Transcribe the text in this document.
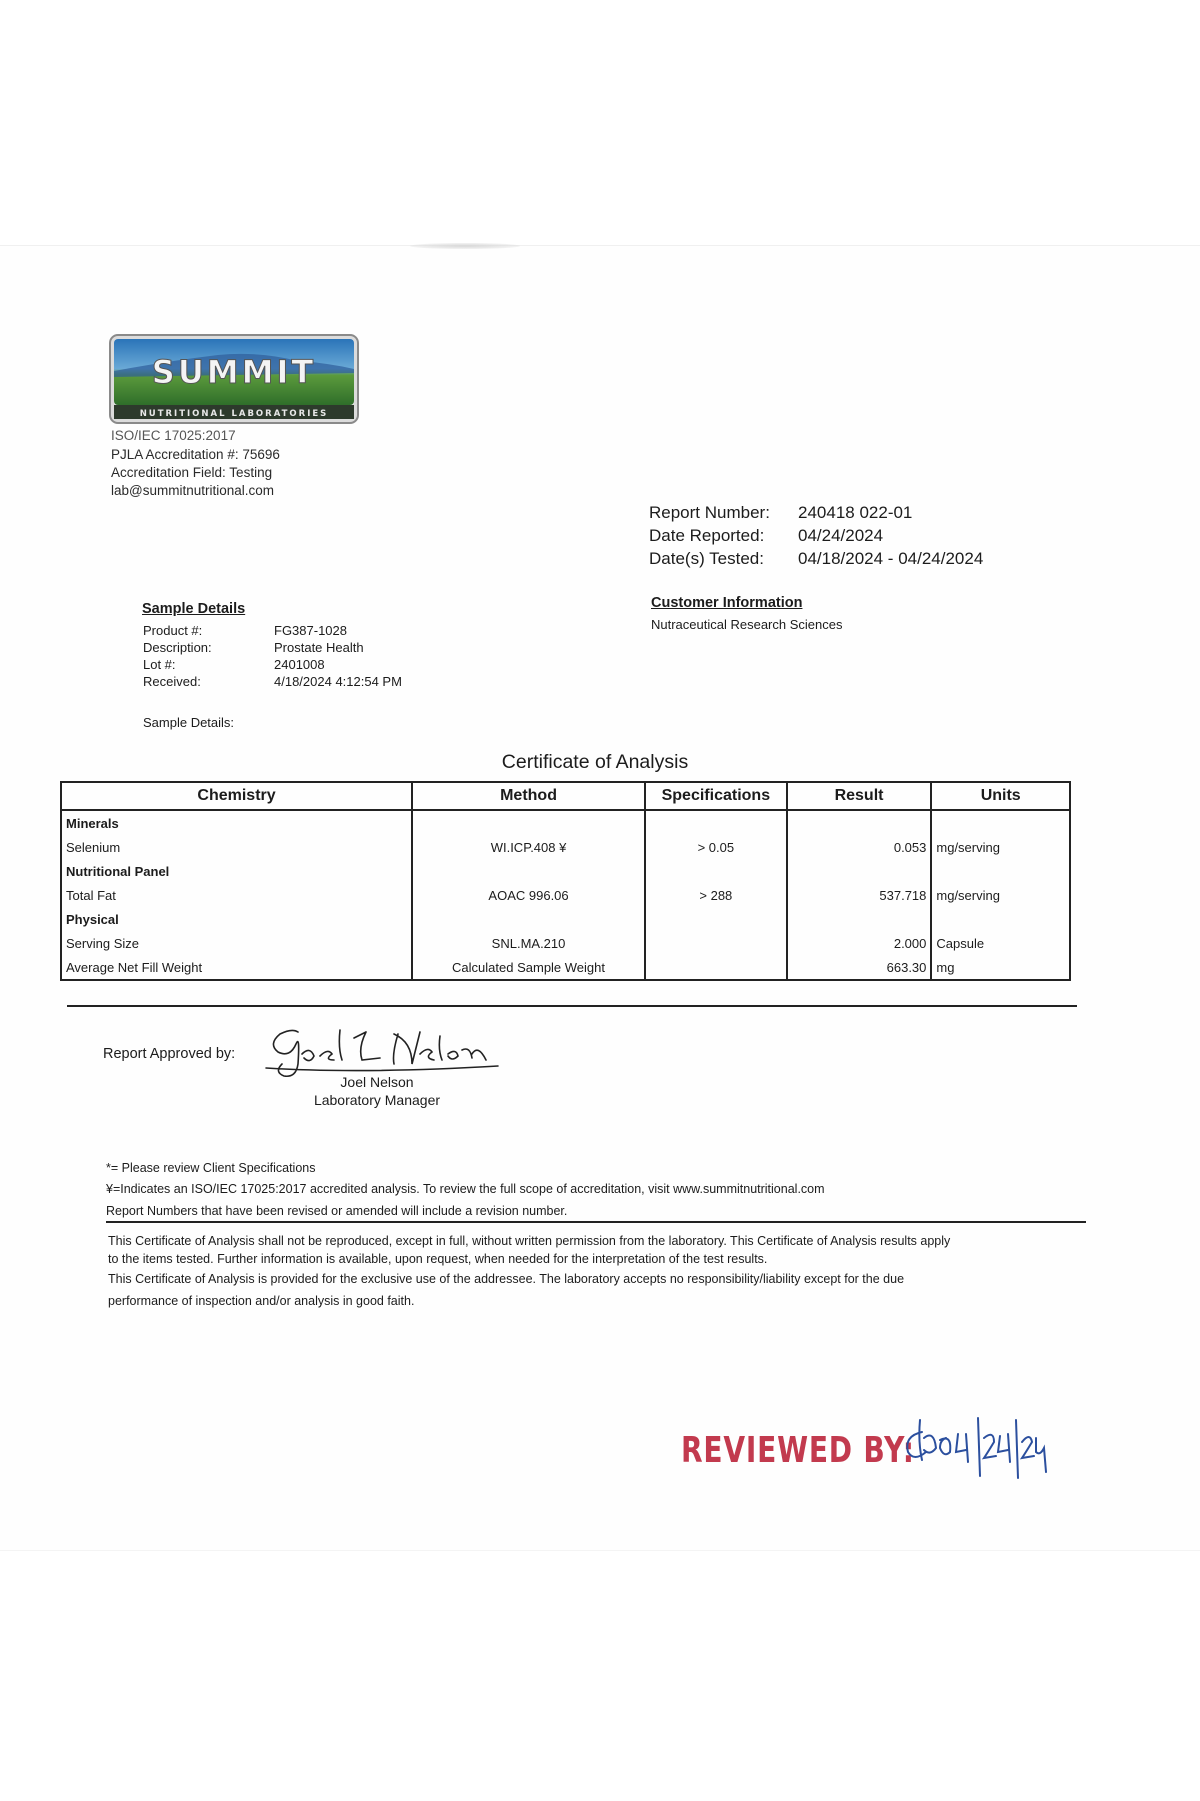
SUMMIT
NUTRITIONAL LABORATORIES
ISO/IEC 17025:2017
PJLA Accreditation #: 75696
Accreditation Field: Testing
lab@summitnutritional.com
Report Number: 240418 022-01
Date Reported: 04/24/2024
Date(s) Tested: 04/18/2024 - 04/24/2024
Sample Details
Product #:	FG387-1028
Description:	Prostate Health
Lot #:	2401008
Received:	4/18/2024 4:12:54 PM
Sample Details:
Customer Information
Nutraceutical Research Sciences
Certificate of Analysis
Chemistry	Method	Specifications	Result	Units
Minerals				
Selenium	WI.ICP.408 ¥	> 0.05	0.053	mg/serving
Nutritional Panel				
Total Fat	AOAC 996.06	> 288	537.718	mg/serving
Physical				
Serving Size	SNL.MA.210		2.000	Capsule
Average Net Fill Weight	Calculated Sample Weight		663.30	mg
Report Approved by:
Joel Nelson
Laboratory Manager
*= Please review Client Specifications
¥=Indicates an ISO/IEC 17025:2017 accredited analysis. To review the full scope of accreditation, visit www.summitnutritional.com
Report Numbers that have been revised or amended will include a revision number.
This Certificate of Analysis shall not be reproduced, except in full, without written permission from the laboratory. This Certificate of Analysis results apply
to the items tested. Further information is available, upon request, when needed for the interpretation of the test results.
This Certificate of Analysis is provided for the exclusive use of the addressee. The laboratory accepts no responsibility/liability except for the due
performance of inspection and/or analysis in good faith.
REVIEWED BY:
